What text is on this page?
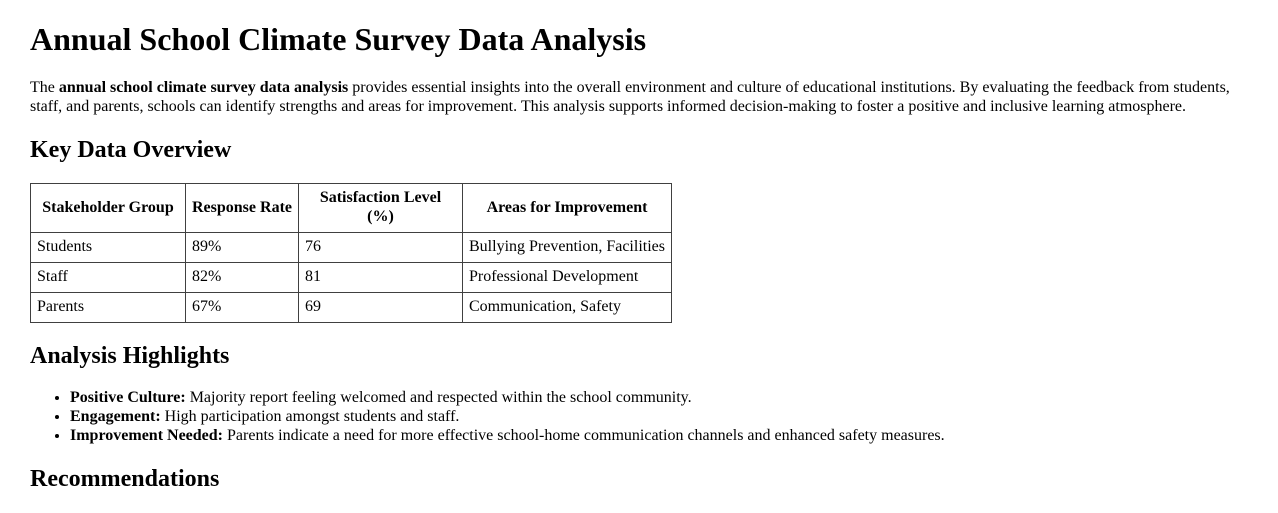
Annual School Climate Survey Data Analysis

The annual school climate survey data analysis provides essential insights into the overall environment and culture of educational institutions. By evaluating the feedback from students, staff, and parents, schools can identify strengths and areas for improvement. This analysis supports informed decision-making to foster a positive and inclusive learning atmosphere.

Key Data Overview
Stakeholder Group	Response Rate	Satisfaction Level (%)	Areas for Improvement
Students	89%	76	Bullying Prevention, Facilities
Staff	82%	81	Professional Development
Parents	67%	69	Communication, Safety
Analysis Highlights
• Positive Culture: Majority report feeling welcomed and respected within the school community.
• Engagement: High participation amongst students and staff.
• Improvement Needed: Parents indicate a need for more effective school-home communication channels and enhanced safety measures.
Recommendations
